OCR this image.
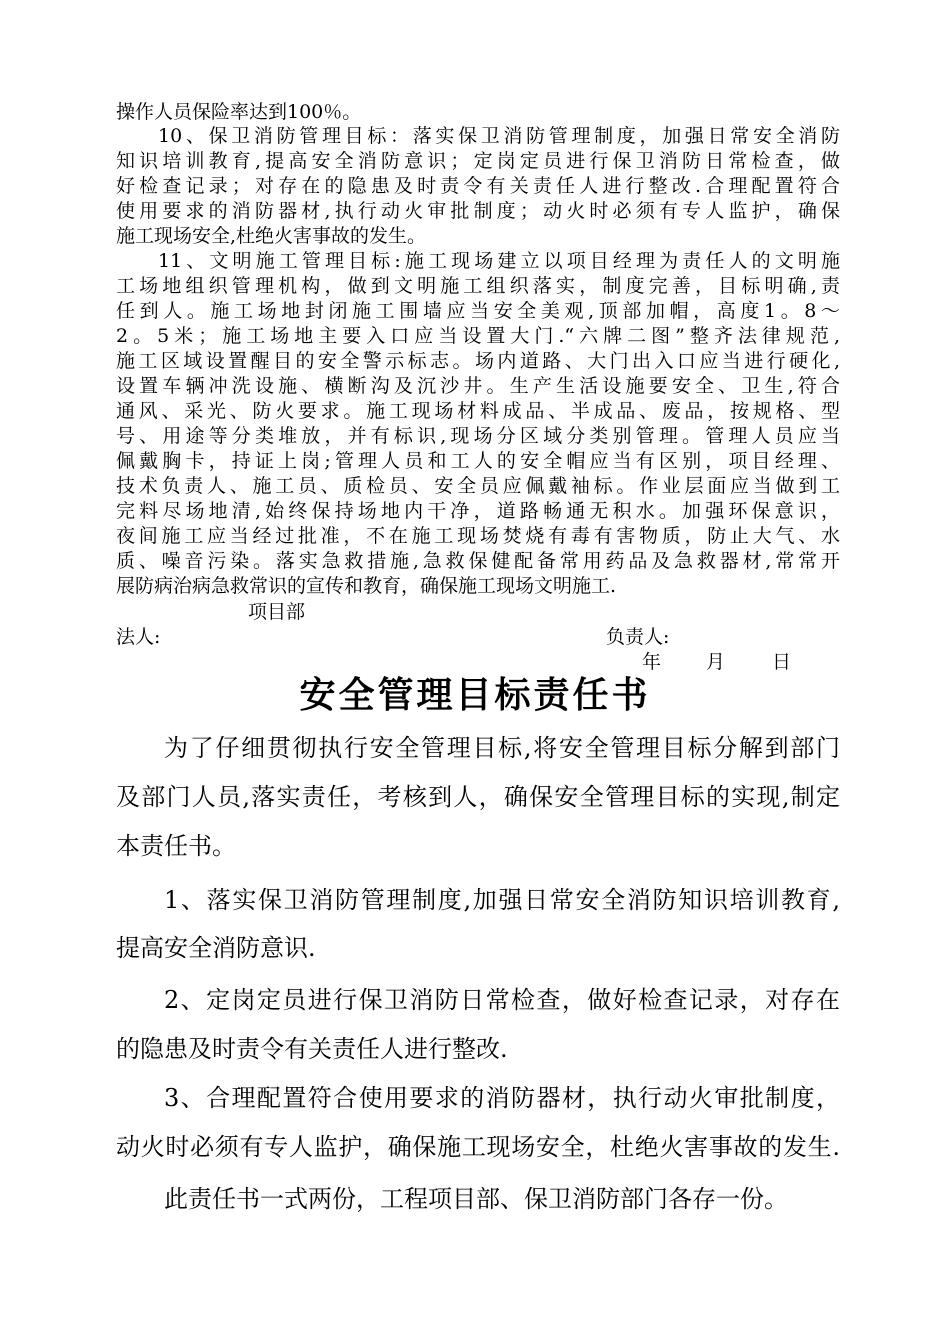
操作人员保险率达到100％。
10、保卫消防管理目标：落实保卫消防管理制度，加强日常安全消防
知识培训教育,提高安全消防意识；定岗定员进行保卫消防日常检查，做
好检查记录；对存在的隐患及时责令有关责任人进行整改.合理配置符合
使用要求的消防器材,执行动火审批制度；动火时必须有专人监护，确保
施工现场安全,杜绝火害事故的发生。
11、文明施工管理目标:施工现场建立以项目经理为责任人的文明施
工场地组织管理机构，做到文明施工组织落实，制度完善，目标明确,责
任到人。施工场地封闭施工围墙应当安全美观,顶部加帽，高度1。8～
2。5米；施工场地主要入口应当设置大门.“六牌二图”整齐法律规范,
施工区域设置醒目的安全警示标志。场内道路、大门出入口应当进行硬化,
设置车辆冲洗设施、横断沟及沉沙井。生产生活设施要安全、卫生,符合
通风、采光、防火要求。施工现场材料成品、半成品、废品，按规格、型
号、用途等分类堆放，并有标识,现场分区域分类别管理。管理人员应当
佩戴胸卡，持证上岗;管理人员和工人的安全帽应当有区别，项目经理、
技术负责人、施工员、质检员、安全员应佩戴袖标。作业层面应当做到工
完料尽场地清,始终保持场地内干净，道路畅通无积水。加强环保意识，
夜间施工应当经过批准，不在施工现场焚烧有毒有害物质，防止大气、水
质、噪音污染。落实急救措施,急救保健配备常用药品及急救器材,常常开
展防病治病急救常识的宣传和教育，确保施工现场文明施工.
项目部
法人:	负责人:
年 月 日
安全管理目标责任书
为了仔细贯彻执行安全管理目标,将安全管理目标分解到部门
及部门人员,落实责任，考核到人，确保安全管理目标的实现,制定
本责任书。
1、落实保卫消防管理制度,加强日常安全消防知识培训教育,
提高安全消防意识.
2、定岗定员进行保卫消防日常检查，做好检查记录，对存在
的隐患及时责令有关责任人进行整改.
3、合理配置符合使用要求的消防器材，执行动火审批制度，
动火时必须有专人监护，确保施工现场安全，杜绝火害事故的发生.
此责任书一式两份，工程项目部、保卫消防部门各存一份。
